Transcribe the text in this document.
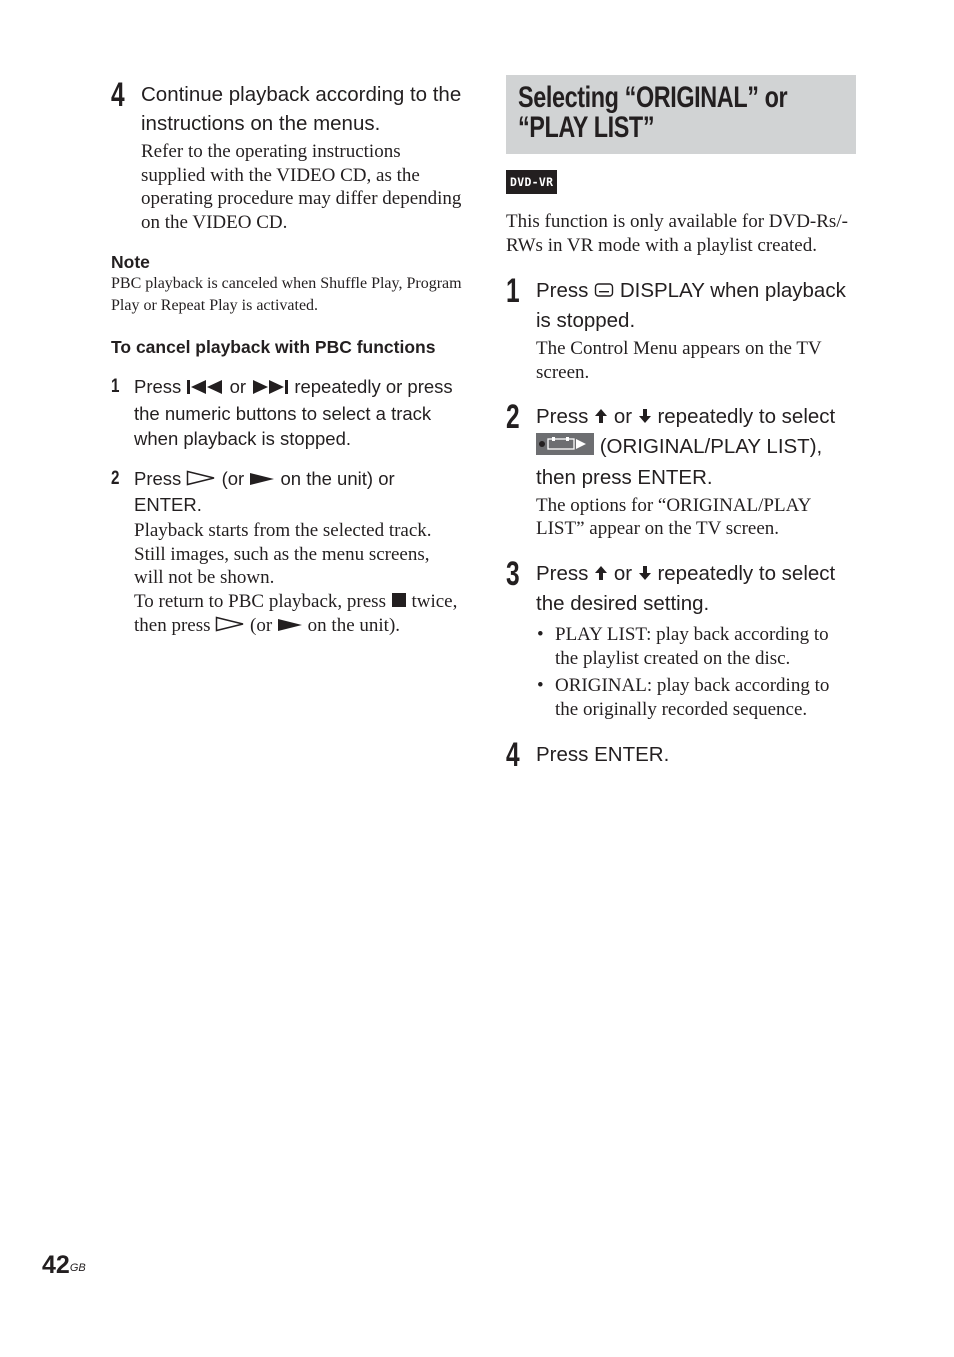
4 Continue playback according to the instructions on the menus.
Refer to the operating instructions supplied with the VIDEO CD, as the operating procedure may differ depending on the VIDEO CD.
Note
PBC playback is canceled when Shuffle Play, Program Play or Repeat Play is activated.
To cancel playback with PBC functions
1 Press	or	repeatedly or press the numeric buttons to select a track when playback is stopped.
2 Press (or on the unit) or ENTER.
Playback starts from the selected track. Still images, such as the menu screens, will not be shown.
To return to PBC playback, press twice, then press (or on the unit).
Selecting “ORIGINAL” or “PLAY LIST”
DVD-VR
This function is only available for DVD-Rs/-RWs in VR mode with a playlist created.
1 Press DISPLAY when playback is stopped.
The Control Menu appears on the TV screen.
2 Press or repeatedly to select  (ORIGINAL/PLAY LIST), then press ENTER.
The options for “ORIGINAL/PLAY LIST” appear on the TV screen.
3 Press or repeatedly to select the desired setting.
• PLAY LIST: play back according to the playlist created on the disc.
• ORIGINAL: play back according to the originally recorded sequence.
4 Press ENTER.
$42^{GB}$
